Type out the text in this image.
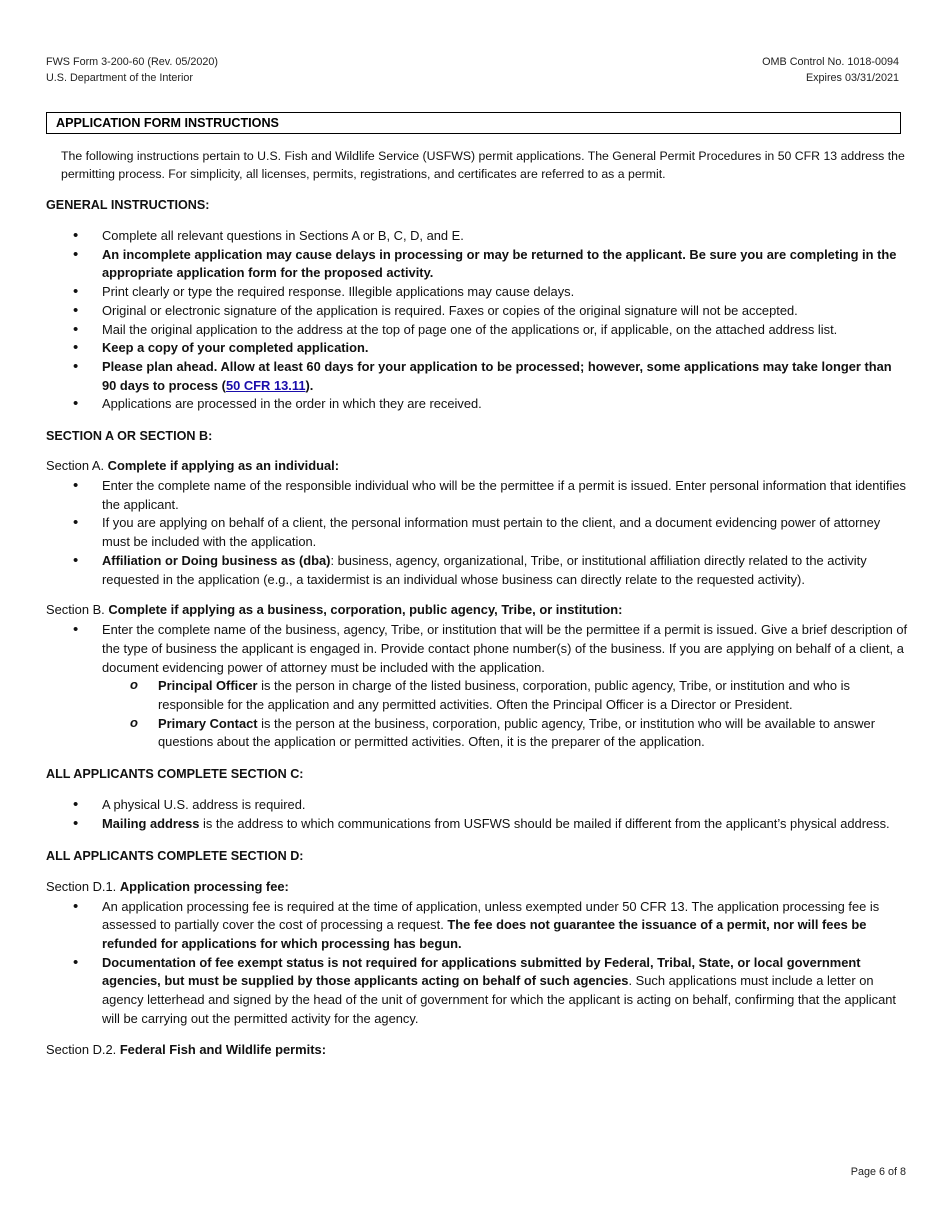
FWS Form 3-200-60 (Rev. 05/2020)
U.S. Department of the Interior
OMB Control No. 1018-0094
Expires 03/31/2021
APPLICATION FORM INSTRUCTIONS

The following instructions pertain to U.S. Fish and Wildlife Service (USFWS) permit applications. The General Permit Procedures in 50 CFR 13 address the permitting process. For simplicity, all licenses, permits, registrations, and certificates are referred to as a permit.

GENERAL INSTRUCTIONS:

• Complete all relevant questions in Sections A or B, C, D, and E.
• An incomplete application may cause delays in processing or may be returned to the applicant. Be sure you are completing in the appropriate application form for the proposed activity.
• Print clearly or type the required response. Illegible applications may cause delays.
• Original or electronic signature of the application is required. Faxes or copies of the original signature will not be accepted.
• Mail the original application to the address at the top of page one of the applications or, if applicable, on the attached address list.
• Keep a copy of your completed application.
• Please plan ahead. Allow at least 60 days for your application to be processed; however, some applications may take longer than 90 days to process (50 CFR 13.11).
• Applications are processed in the order in which they are received.

SECTION A OR SECTION B:

Section A. Complete if applying as an individual:

• Enter the complete name of the responsible individual who will be the permittee if a permit is issued. Enter personal information that identifies the applicant.
• If you are applying on behalf of a client, the personal information must pertain to the client, and a document evidencing power of attorney must be included with the application.
• Affiliation or Doing business as (dba): business, agency, organizational, Tribe, or institutional affiliation directly related to the activity requested in the application (e.g., a taxidermist is an individual whose business can directly relate to the requested activity).

Section B. Complete if applying as a business, corporation, public agency, Tribe, or institution:

• Enter the complete name of the business, agency, Tribe, or institution that will be the permittee if a permit is issued. Give a brief description of the type of business the applicant is engaged in. Provide contact phone number(s) of the business. If you are applying on behalf of a client, a document evidencing power of attorney must be included with the application.
o Principal Officer is the person in charge of the listed business, corporation, public agency, Tribe, or institution and who is responsible for the application and any permitted activities. Often the Principal Officer is a Director or President.
o Primary Contact is the person at the business, corporation, public agency, Tribe, or institution who will be available to answer questions about the application or permitted activities. Often, it is the preparer of the application.

ALL APPLICANTS COMPLETE SECTION C:

• A physical U.S. address is required.
• Mailing address is the address to which communications from USFWS should be mailed if different from the applicant’s physical address.

ALL APPLICANTS COMPLETE SECTION D:

Section D.1. Application processing fee:

• An application processing fee is required at the time of application, unless exempted under 50 CFR 13. The application processing fee is assessed to partially cover the cost of processing a request. The fee does not guarantee the issuance of a permit, nor will fees be refunded for applications for which processing has begun.
• Documentation of fee exempt status is not required for applications submitted by Federal, Tribal, State, or local government agencies, but must be supplied by those applicants acting on behalf of such agencies. Such applications must include a letter on agency letterhead and signed by the head of the unit of government for which the applicant is acting on behalf, confirming that the applicant will be carrying out the permitted activity for the agency.

Section D.2. Federal Fish and Wildlife permits:

Page 6 of 8
